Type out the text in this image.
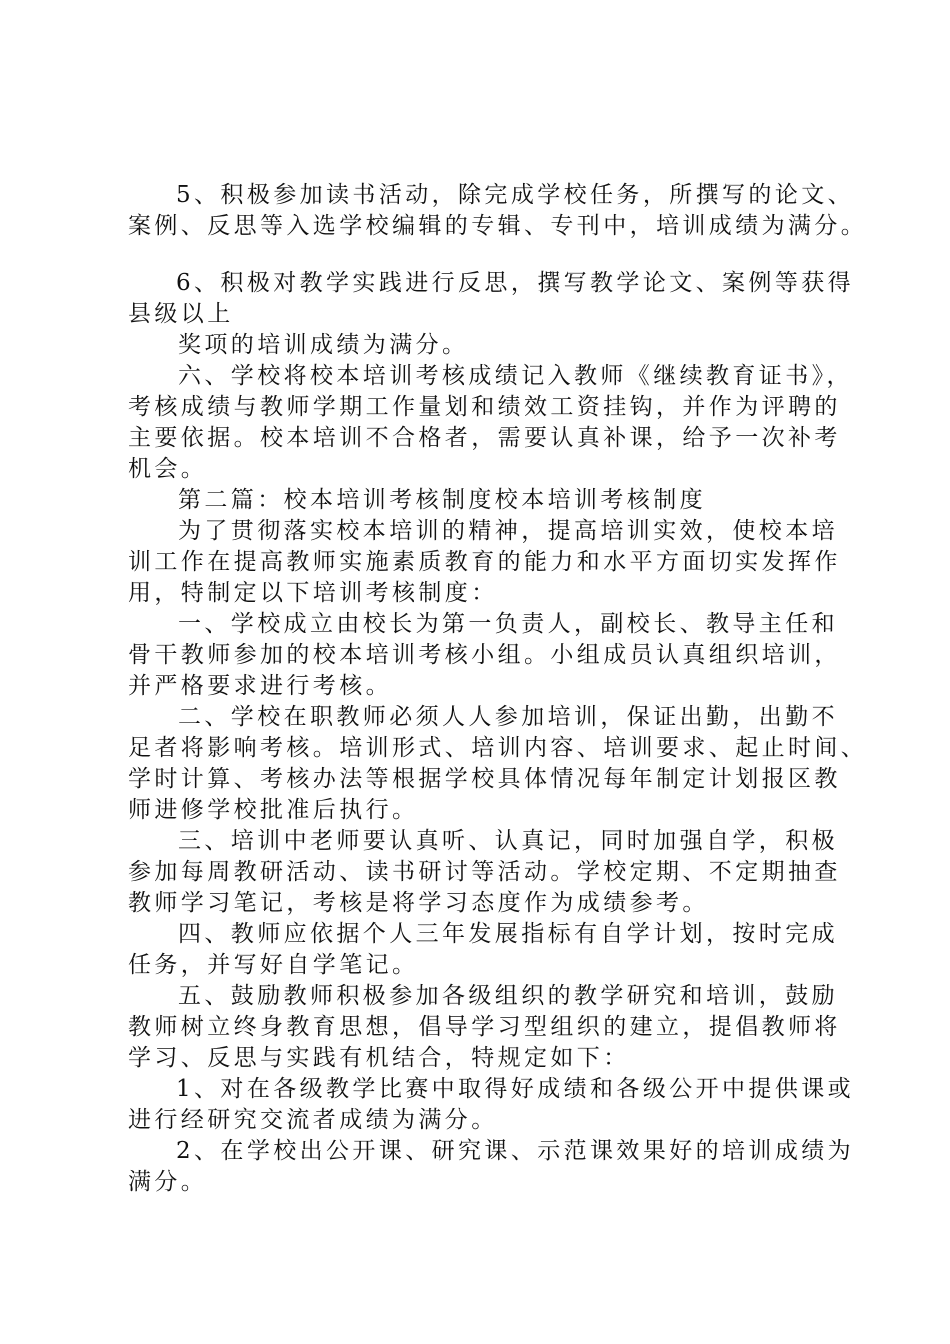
5、积极参加读书活动，除完成学校任务，所撰写的论文、
案例、反思等入选学校编辑的专辑、专刊中，培训成绩为满分。
6、积极对教学实践进行反思，撰写教学论文、案例等获得
县级以上
奖项的培训成绩为满分。
六、学校将校本培训考核成绩记入教师《继续教育证书》，
考核成绩与教师学期工作量划和绩效工资挂钩，并作为评聘的
主要依据。校本培训不合格者，需要认真补课，给予一次补考
机会。
第二篇：校本培训考核制度校本培训考核制度
为了贯彻落实校本培训的精神，提高培训实效，使校本培
训工作在提高教师实施素质教育的能力和水平方面切实发挥作
用，特制定以下培训考核制度：
一、学校成立由校长为第一负责人，副校长、教导主任和
骨干教师参加的校本培训考核小组。小组成员认真组织培训，
并严格要求进行考核。
二、学校在职教师必须人人参加培训，保证出勤，出勤不
足者将影响考核。培训形式、培训内容、培训要求、起止时间、
学时计算、考核办法等根据学校具体情况每年制定计划报区教
师进修学校批准后执行。
三、培训中老师要认真听、认真记，同时加强自学，积极
参加每周教研活动、读书研讨等活动。学校定期、不定期抽查
教师学习笔记，考核是将学习态度作为成绩参考。
四、教师应依据个人三年发展指标有自学计划，按时完成
任务，并写好自学笔记。
五、鼓励教师积极参加各级组织的教学研究和培训，鼓励
教师树立终身教育思想，倡导学习型组织的建立，提倡教师将
学习、反思与实践有机结合，特规定如下：
1、对在各级教学比赛中取得好成绩和各级公开中提供课或
进行经研究交流者成绩为满分。
2、在学校出公开课、研究课、示范课效果好的培训成绩为
满分。
